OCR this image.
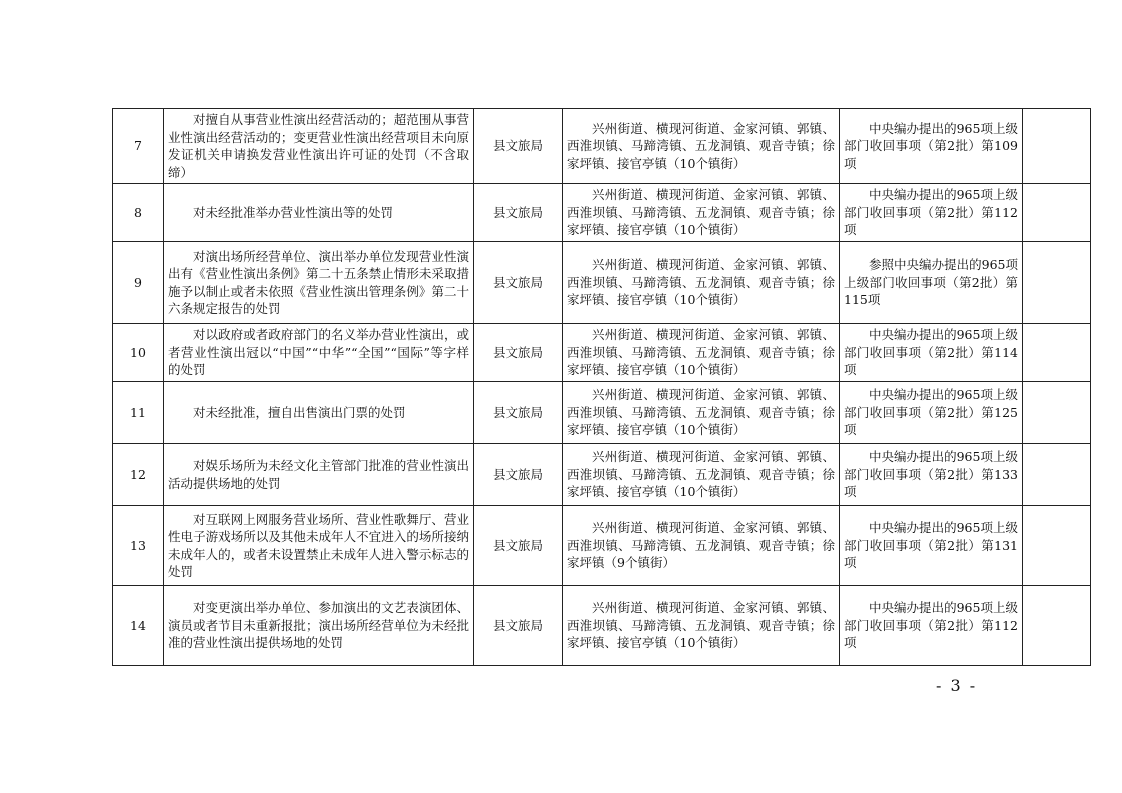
7	对擅自从事营业性演出经营活动的；超范围从事营业性演出经营活动的；变更营业性演出经营项目未向原发证机关申请换发营业性演出许可证的处罚（不含取缔）	县文旅局	兴州街道、横现河街道、金家河镇、郭镇、西淮坝镇、马蹄湾镇、五龙洞镇、观音寺镇；徐家坪镇、接官亭镇（10个镇街）	中央编办提出的965项上级部门收回事项（第2批）第109项	
8	对未经批准举办营业性演出等的处罚	县文旅局	兴州街道、横现河街道、金家河镇、郭镇、西淮坝镇、马蹄湾镇、五龙洞镇、观音寺镇；徐家坪镇、接官亭镇（10个镇街）	中央编办提出的965项上级部门收回事项（第2批）第112项	
9	对演出场所经营单位、演出举办单位发现营业性演出有《营业性演出条例》第二十五条禁止情形未采取措施予以制止或者未依照《营业性演出管理条例》第二十六条规定报告的处罚	县文旅局	兴州街道、横现河街道、金家河镇、郭镇、西淮坝镇、马蹄湾镇、五龙洞镇、观音寺镇；徐家坪镇、接官亭镇（10个镇街）	参照中央编办提出的965项上级部门收回事项（第2批）第115项	
10	对以政府或者政府部门的名义举办营业性演出，或者营业性演出冠以“中国”“中华”“全国”“国际”等字样的处罚	县文旅局	兴州街道、横现河街道、金家河镇、郭镇、西淮坝镇、马蹄湾镇、五龙洞镇、观音寺镇；徐家坪镇、接官亭镇（10个镇街）	中央编办提出的965项上级部门收回事项（第2批）第114项	
11	对未经批准，擅自出售演出门票的处罚	县文旅局	兴州街道、横现河街道、金家河镇、郭镇、西淮坝镇、马蹄湾镇、五龙洞镇、观音寺镇；徐家坪镇、接官亭镇（10个镇街）	中央编办提出的965项上级部门收回事项（第2批）第125项	
12	对娱乐场所为未经文化主管部门批准的营业性演出活动提供场地的处罚	县文旅局	兴州街道、横现河街道、金家河镇、郭镇、西淮坝镇、马蹄湾镇、五龙洞镇、观音寺镇；徐家坪镇、接官亭镇（10个镇街）	中央编办提出的965项上级部门收回事项（第2批）第133项	
13	对互联网上网服务营业场所、营业性歌舞厅、营业性电子游戏场所以及其他未成年人不宜进入的场所接纳未成年人的，或者未设置禁止未成年人进入警示标志的处罚	县文旅局	兴州街道、横现河街道、金家河镇、郭镇、西淮坝镇、马蹄湾镇、五龙洞镇、观音寺镇；徐家坪镇（9个镇街）	中央编办提出的965项上级部门收回事项（第2批）第131项	
14	对变更演出举办单位、参加演出的文艺表演团体、演员或者节目未重新报批；演出场所经营单位为未经批准的营业性演出提供场地的处罚	县文旅局	兴州街道、横现河街道、金家河镇、郭镇、西淮坝镇、马蹄湾镇、五龙洞镇、观音寺镇；徐家坪镇、接官亭镇（10个镇街）	中央编办提出的965项上级部门收回事项（第2批）第112项	
- 3 -
